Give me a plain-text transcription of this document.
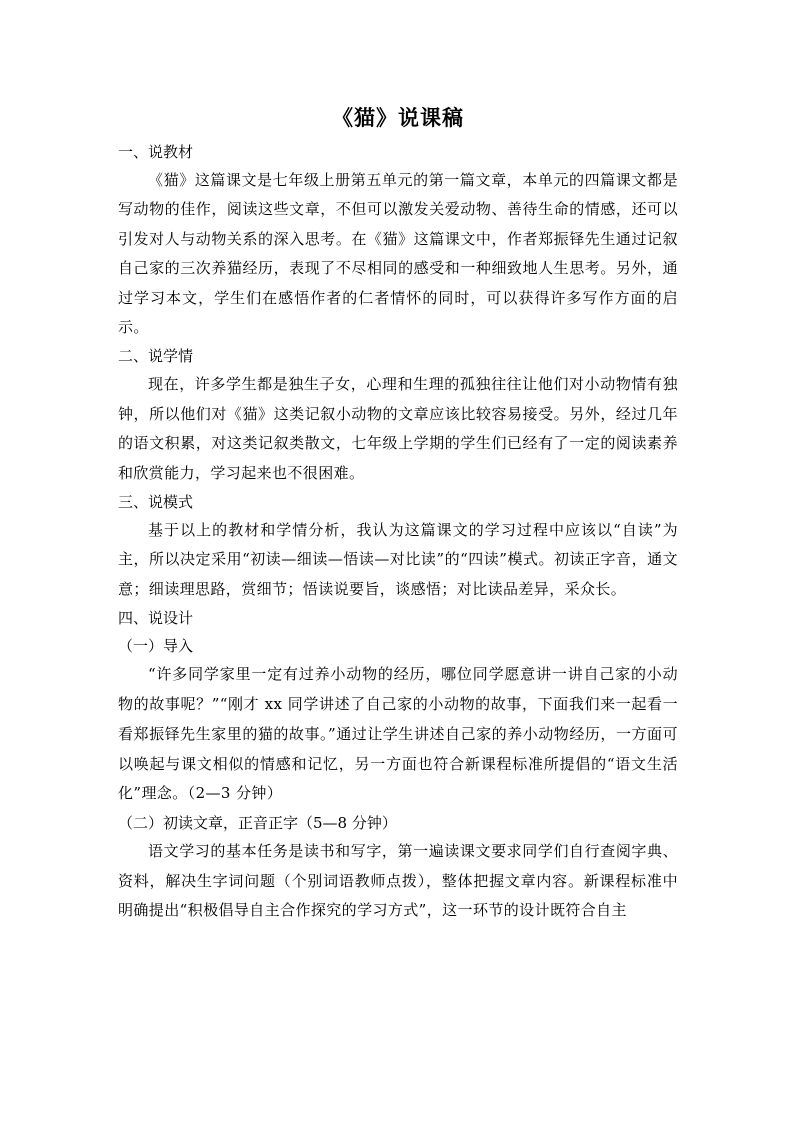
《猫》说课稿

一、说教材

《猫》这篇课文是七年级上册第五单元的第一篇文章，本单元的四篇课文都是写动物的佳作，阅读这些文章，不但可以激发关爱动物、善待生命的情感，还可以引发对人与动物关系的深入思考。在《猫》这篇课文中，作者郑振铎先生通过记叙自己家的三次养猫经历，表现了不尽相同的感受和一种细致地人生思考。另外，通过学习本文，学生们在感悟作者的仁者情怀的同时，可以获得许多写作方面的启示。

二、说学情

现在，许多学生都是独生子女，心理和生理的孤独往往让他们对小动物情有独钟，所以他们对《猫》这类记叙小动物的文章应该比较容易接受。另外，经过几年的语文积累，对这类记叙类散文，七年级上学期的学生们已经有了一定的阅读素养和欣赏能力，学习起来也不很困难。

三、说模式

基于以上的教材和学情分析，我认为这篇课文的学习过程中应该以“自读”为主，所以决定采用“初读—细读—悟读—对比读”的“四读”模式。初读正字音，通文意；细读理思路，赏细节；悟读说要旨，谈感悟；对比读品差异，采众长。

四、说设计

（一）导入

“许多同学家里一定有过养小动物的经历，哪位同学愿意讲一讲自己家的小动物的故事呢？”“刚才 xx 同学讲述了自己家的小动物的故事，下面我们来一起看一看郑振铎先生家里的猫的故事。”通过让学生讲述自己家的养小动物经历，一方面可以唤起与课文相似的情感和记忆，另一方面也符合新课程标准所提倡的“语文生活化”理念。（2—3 分钟）

（二）初读文章，正音正字（5—8 分钟）

语文学习的基本任务是读书和写字，第一遍读课文要求同学们自行查阅字典、资料，解决生字词问题（个别词语教师点拨），整体把握文章内容。新课程标准中明确提出“积极倡导自主合作探究的学习方式”，这一环节的设计既符合自主
